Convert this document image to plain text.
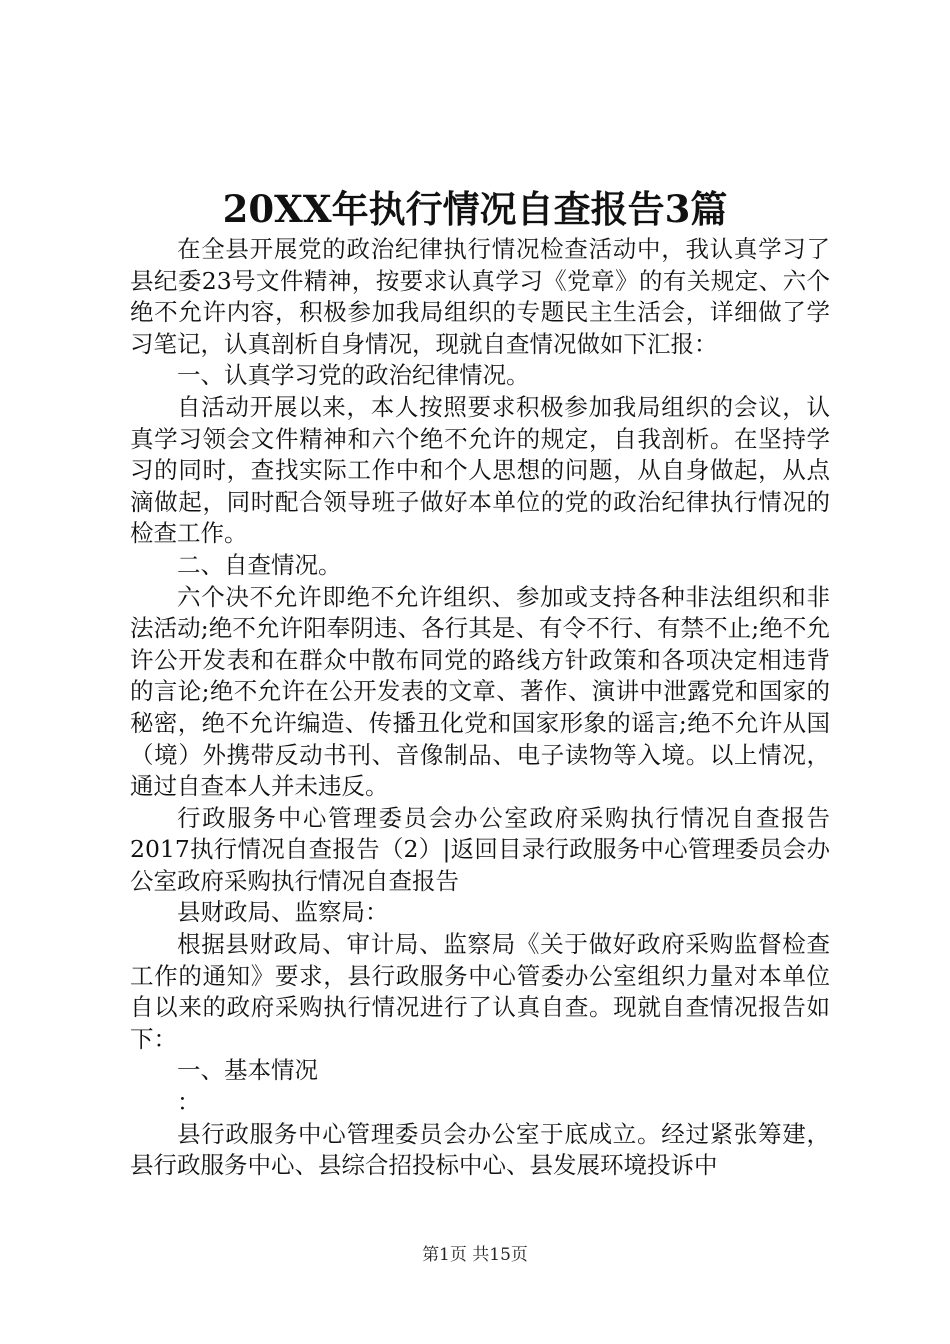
20XX年执行情况自查报告3篇

在全县开展党的政治纪律执行情况检查活动中，我认真学习了县纪委23号文件精神，按要求认真学习《党章》的有关规定、六个绝不允许内容，积极参加我局组织的专题民主生活会，详细做了学习笔记，认真剖析自身情况，现就自查情况做如下汇报：

一、认真学习党的政治纪律情况。

自活动开展以来，本人按照要求积极参加我局组织的会议，认真学习领会文件精神和六个绝不允许的规定，自我剖析。在坚持学习的同时，查找实际工作中和个人思想的问题，从自身做起，从点滴做起，同时配合领导班子做好本单位的党的政治纪律执行情况的检查工作。

二、自查情况。

六个决不允许即绝不允许组织、参加或支持各种非法组织和非法活动;绝不允许阳奉阴违、各行其是、有令不行、有禁不止;绝不允许公开发表和在群众中散布同党的路线方针政策和各项决定相违背的言论;绝不允许在公开发表的文章、著作、演讲中泄露党和国家的秘密，绝不允许编造、传播丑化党和国家形象的谣言;绝不允许从国（境）外携带反动书刊、音像制品、电子读物等入境。以上情况，通过自查本人并未违反。

行政服务中心管理委员会办公室政府采购执行情况自查报告2017执行情况自查报告（2）|返回目录行政服务中心管理委员会办公室政府采购执行情况自查报告

县财政局、监察局：

根据县财政局、审计局、监察局《关于做好政府采购监督检查工作的通知》要求，县行政服务中心管委办公室组织力量对本单位自以来的政府采购执行情况进行了认真自查。现就自查情况报告如下：

一、基本情况

：

县行政服务中心管理委员会办公室于底成立。经过紧张筹建，县行政服务中心、县综合招投标中心、县发展环境投诉中

第1页 共15页
